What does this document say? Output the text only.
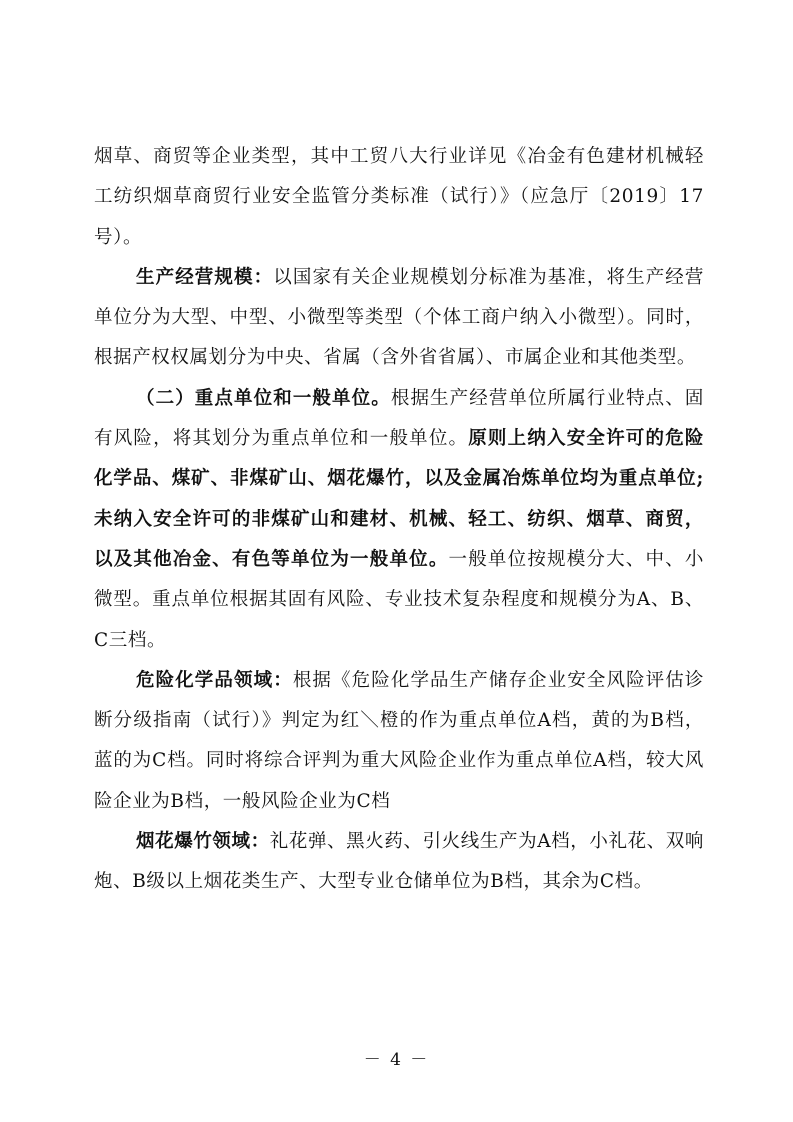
烟草、商贸等企业类型，其中工贸八大行业详见《冶金有色建材机械轻工纺织烟草商贸行业安全监管分类标准（试行）》（应急厅〔2019〕17号）。

生产经营规模：以国家有关企业规模划分标准为基准，将生产经营单位分为大型、中型、小微型等类型（个体工商户纳入小微型）。同时，根据产权权属划分为中央、省属（含外省省属）、市属企业和其他类型。

（二）重点单位和一般单位。根据生产经营单位所属行业特点、固有风险，将其划分为重点单位和一般单位。原则上纳入安全许可的危险化学品、煤矿、非煤矿山、烟花爆竹，以及金属冶炼单位均为重点单位;未纳入安全许可的非煤矿山和建材、机械、轻工、纺织、烟草、商贸，以及其他冶金、有色等单位为一般单位。一般单位按规模分大、中、小微型。重点单位根据其固有风险、专业技术复杂程度和规模分为A、B、C三档。

危险化学品领域：根据《危险化学品生产储存企业安全风险评估诊断分级指南（试行）》判定为红＼橙的作为重点单位A档，黄的为B档，蓝的为C档。同时将综合评判为重大风险企业作为重点单位A档，较大风险企业为B档，一般风险企业为C档

烟花爆竹领域：礼花弹、黑火药、引火线生产为A档，小礼花、双响炮、B级以上烟花类生产、大型专业仓储单位为B档，其余为C档。

－ 4 －
